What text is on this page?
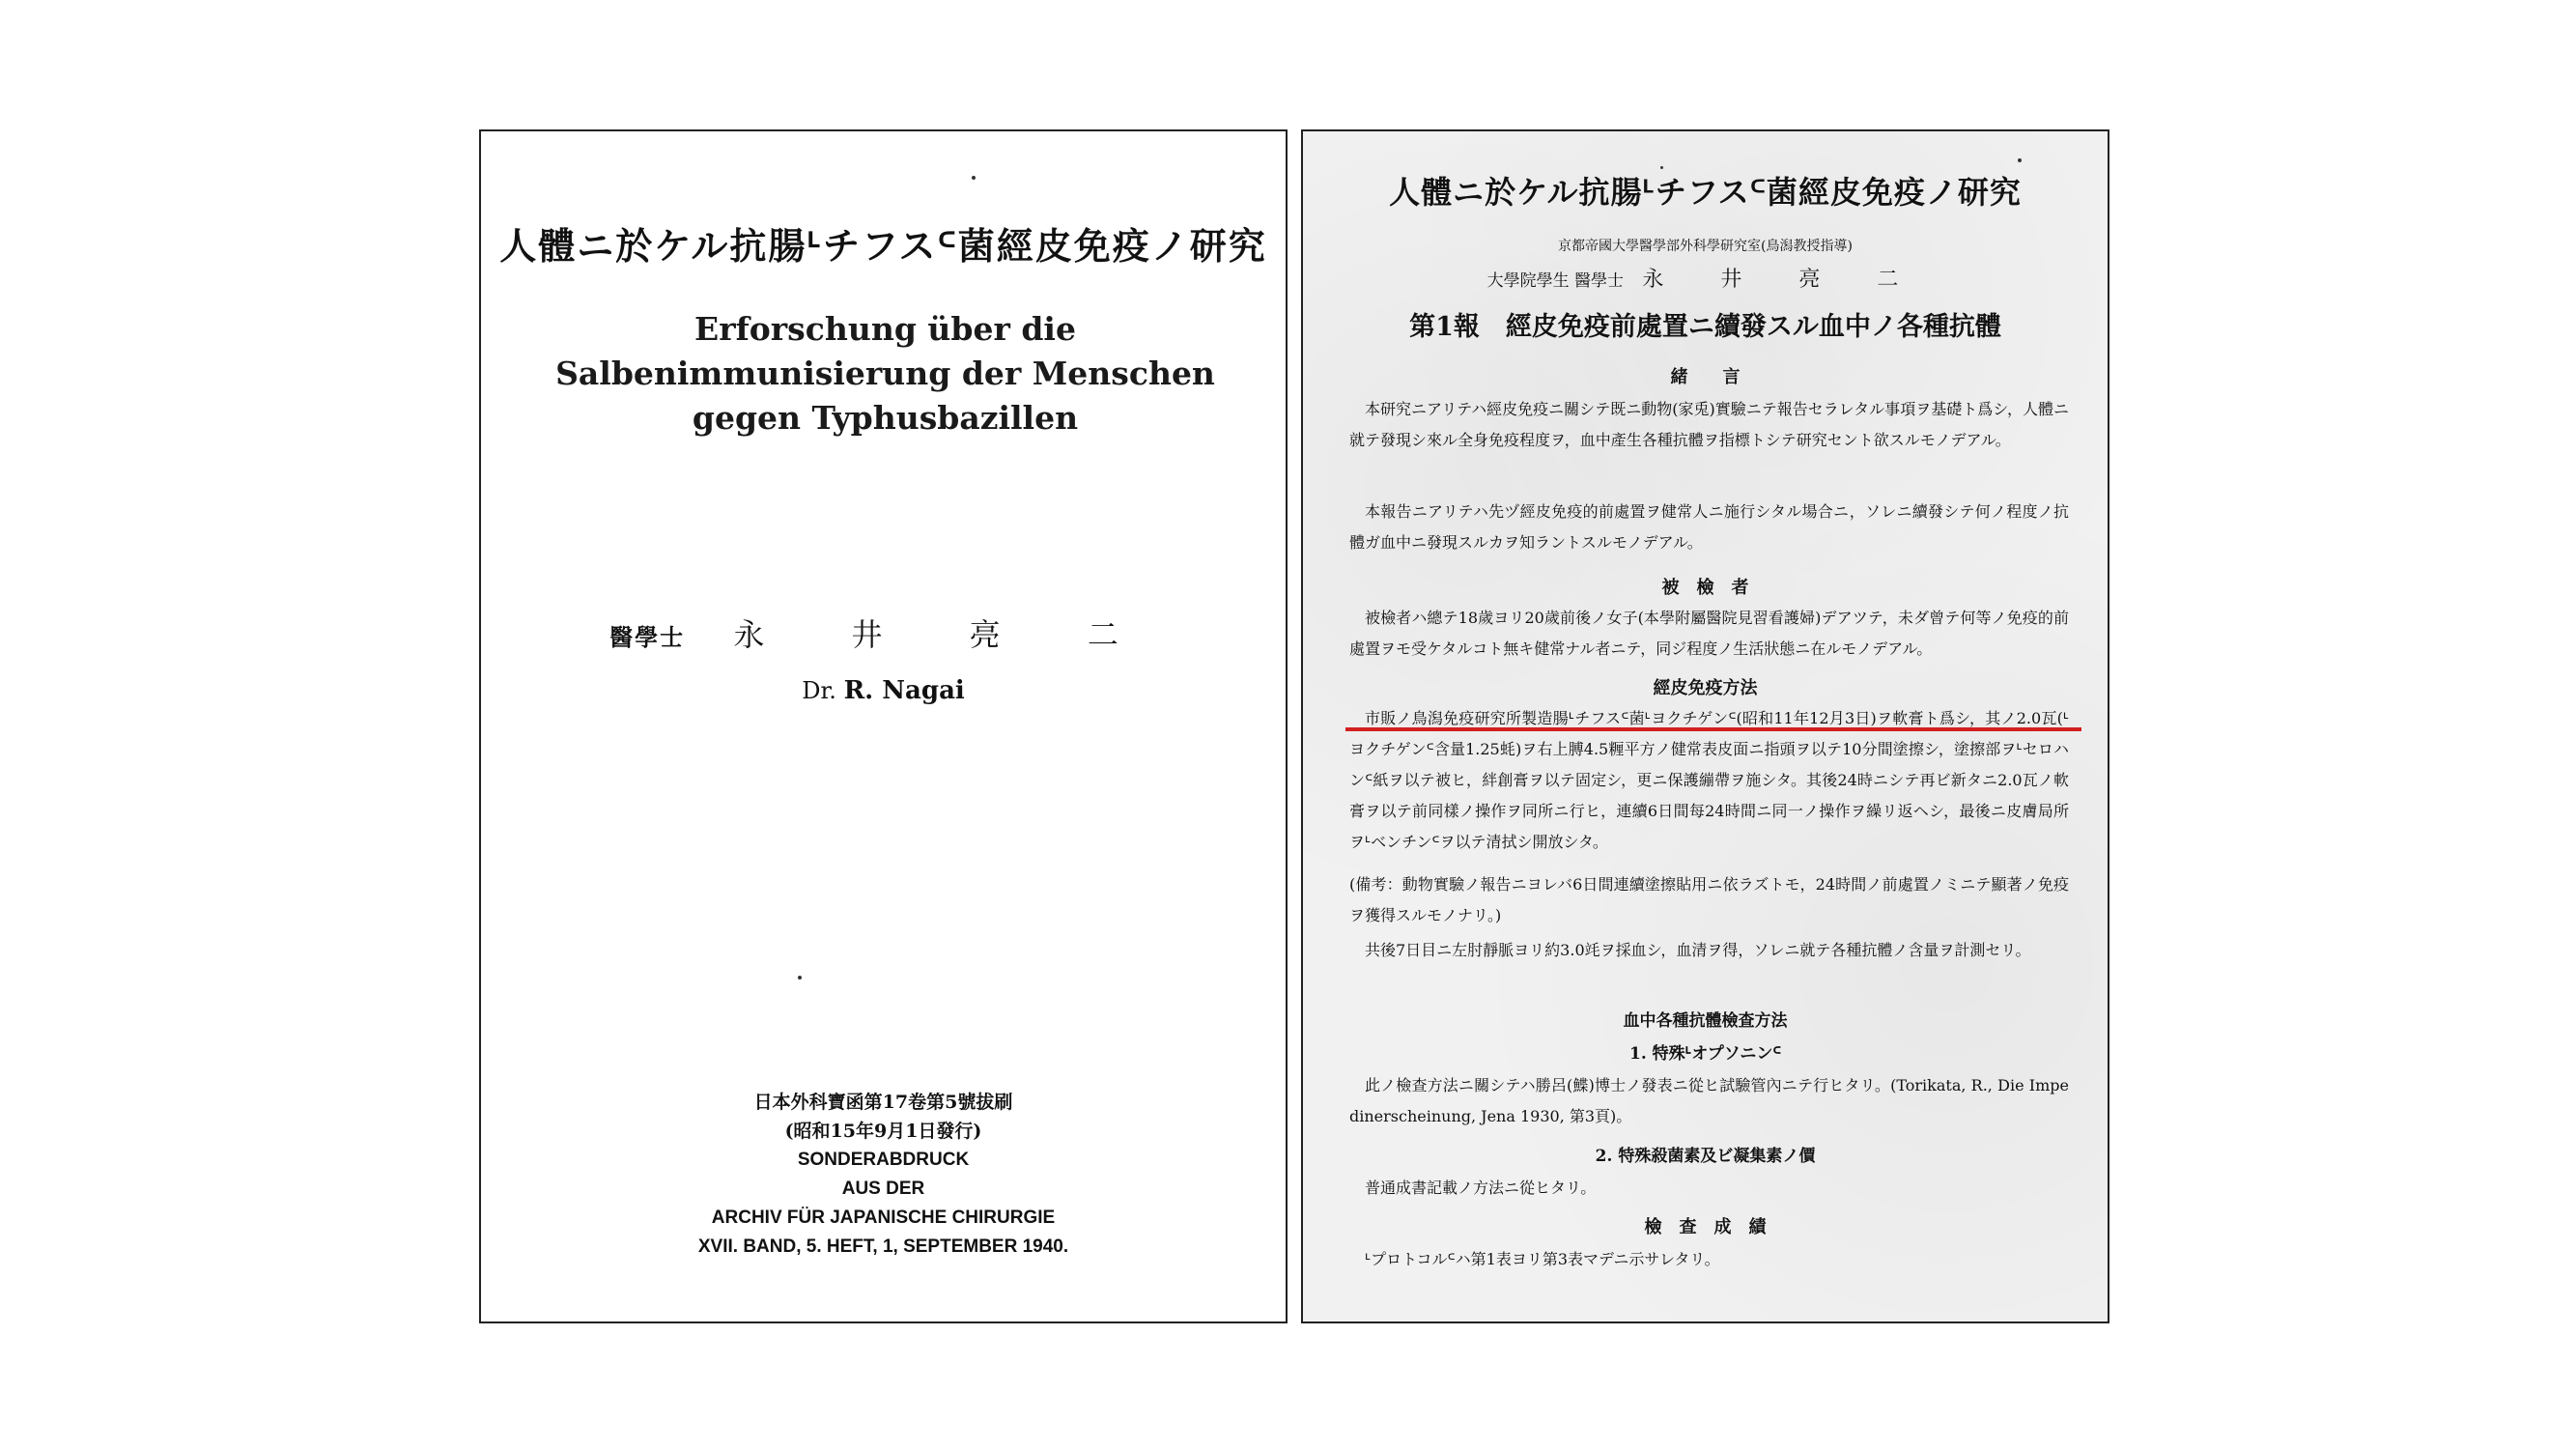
人體ニ於ケル抗腸ᒻチフスᒼ菌經皮免疫ノ研究
Erforschung über die Salbenimmunisierung der Menschen gegen Typhusbazillen
醫學士 永 井 亮 二
Dr. R. Nagai
日本外科寶函第17卷第5號拔刷
(昭和15年9月1日發行)
SONDERABDRUCK
AUS DER
ARCHIV FÜR JAPANISCHE CHIRURGIE
XVII. BAND, 5. HEFT, 1, SEPTEMBER 1940.
人體ニ於ケル抗腸ᒻチフスᒼ菌經皮免疫ノ研究
京都帝國大學醫學部外科學研究室(鳥潟教授指導)
大學院學生 醫學士 永 井 亮 二
第1報　經皮免疫前處置ニ續發スル血中ノ各種抗體
緒　　言
本研究ニアリテハ經皮免疫ニ關シテ既ニ動物(家兎)實驗ニテ報告セラレタル事項ヲ基礎ト爲シ，人體ニ就テ發現シ來ル全身免疫程度ヲ，血中產生各種抗體ヲ指標トシテ研究セント欲スルモノデアル。
本報告ニアリテハ先ヅ經皮免疫的前處置ヲ健常人ニ施行シタル場合ニ，ソレニ續發シテ何ノ程度ノ抗體ガ血中ニ發現スルカヲ知ラントスルモノデアル。
被　檢　者
被檢者ハ總テ18歲ヨリ20歲前後ノ女子(本學附屬醫院見習看護婦)デアツテ，未ダ曾テ何等ノ免疫的前處置ヲモ受ケタルコト無キ健常ナル者ニテ，同ジ程度ノ生活狀態ニ在ルモノデアル。
經皮免疫方法
市販ノ鳥潟免疫研究所製造腸ᒻチフスᒼ菌ᒻヨクチゲンᒼ(昭和11年12月3日)ヲ軟膏ト爲シ，其ノ2.0瓦(ᒻヨクチゲンᒼ含量1.25蚝)ヲ右上膊4.5糎平方ノ健常表皮面ニ指頭ヲ以テ10分間塗擦シ，塗擦部ヲᒻセロハンᒼ紙ヲ以テ被ヒ，絆創膏ヲ以テ固定シ，更ニ保護繃帶ヲ施シタ。其後24時ニシテ再ビ新タニ2.0瓦ノ軟膏ヲ以テ前同樣ノ操作ヲ同所ニ行ヒ，連續6日間每24時間ニ同一ノ操作ヲ繰リ返ヘシ，最後ニ皮膚局所ヲᒻベンチンᒼヲ以テ清拭シ開放シタ。
(備考：動物實驗ノ報告ニヨレバ6日間連續塗擦貼用ニ依ラズトモ，24時間ノ前處置ノミニテ顯著ノ免疫ヲ獲得スルモノナリ。)
共後7日目ニ左肘靜脈ヨリ約3.0竓ヲ採血シ，血清ヲ得，ソレニ就テ各種抗體ノ含量ヲ計測セリ。
血中各種抗體檢查方法
1. 特殊ᒻオプソニンᒼ
此ノ檢查方法ニ關シテハ勝呂(鰈)博士ノ發表ニ從ヒ試驗管內ニテ行ヒタリ。(Torikata, R., Die Impedinerscheinung, Jena 1930, 第3頁)。
2. 特殊殺菌素及ビ凝集素ノ價
普通成書記載ノ方法ニ從ヒタリ。
檢　查　成　績
ᒻプロトコルᒼハ第1表ヨリ第3表マデニ示サレタリ。
